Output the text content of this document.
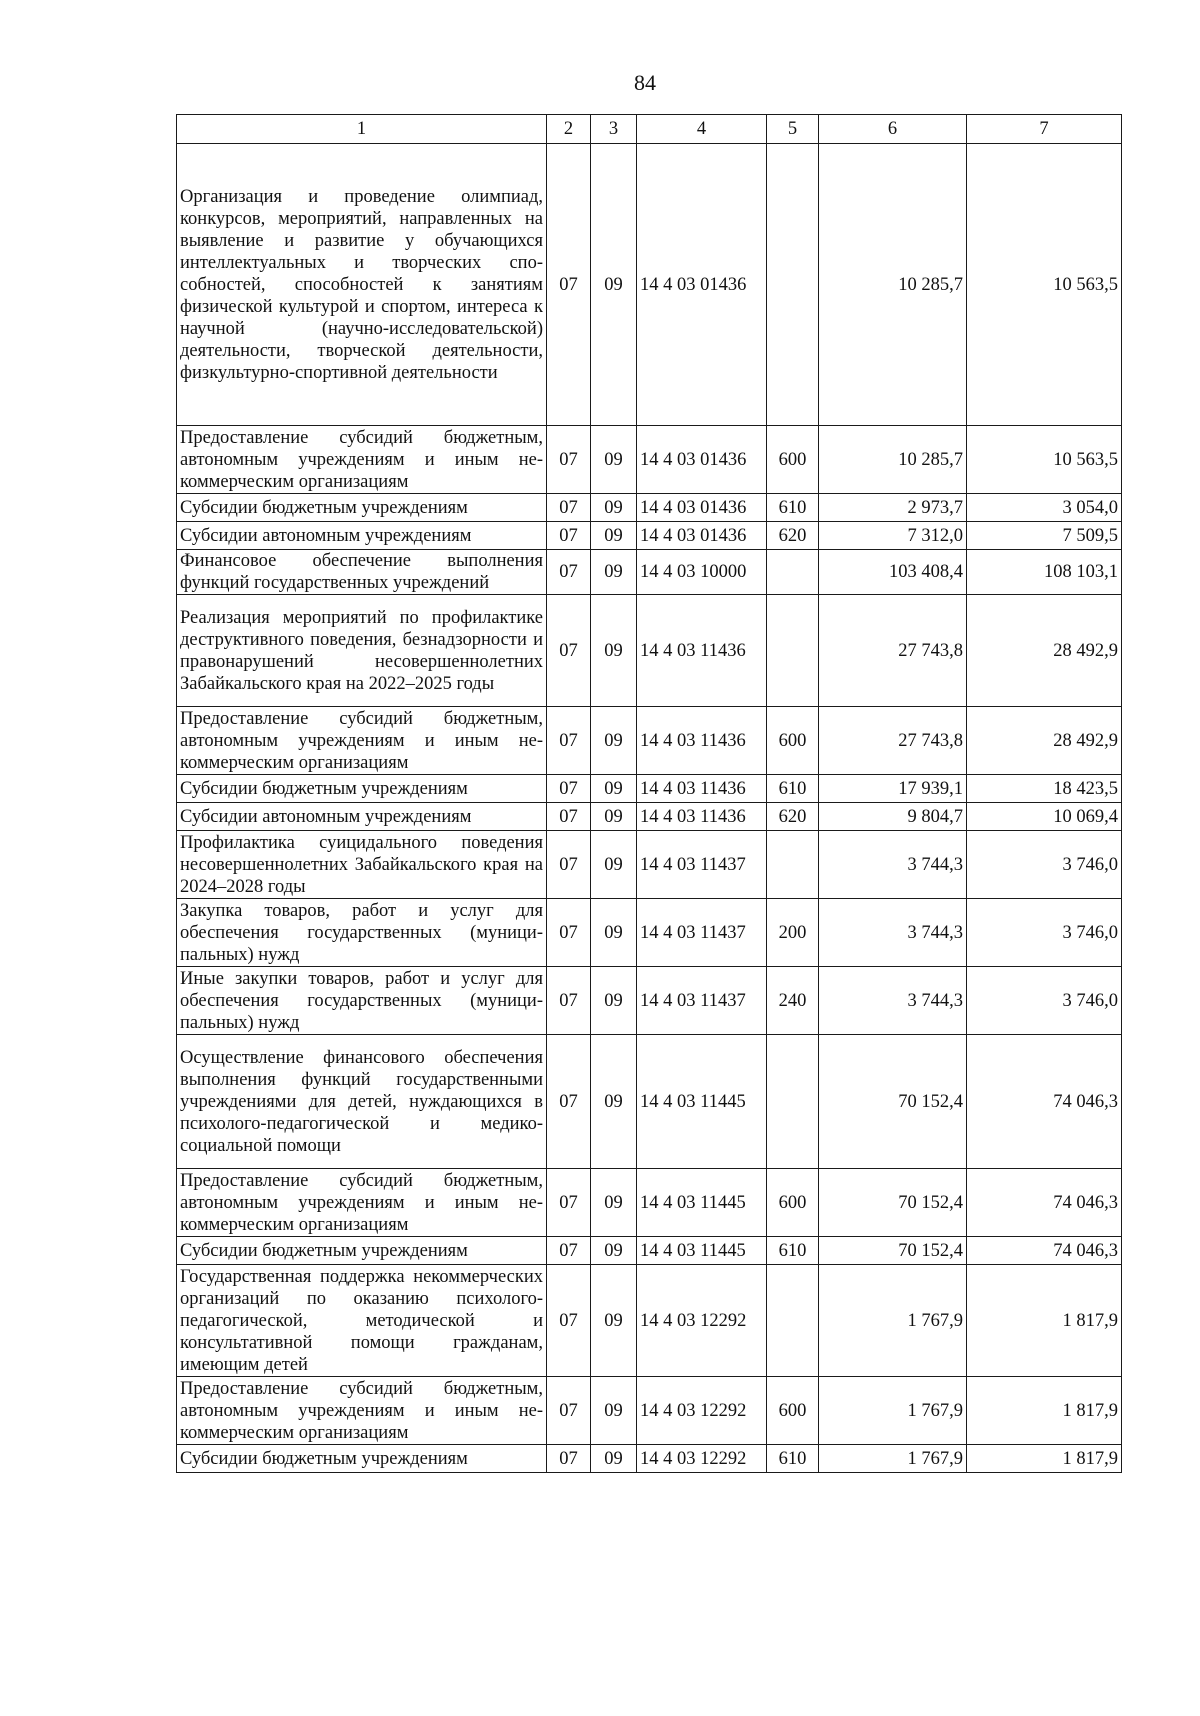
84
1	2	3	4	5	6	7
Организация и проведение олимпиад, конкурсов, мероприятий, направленных на выявление и развитие у обучающихся интеллектуальных и творческих способностей, способностей к занятиям физической культурой и спортом, интереса к научной (научно-исследовательской) деятельности, творческой деятельности, физкультурно-спортивной деятельности	07	09	14 4 03 01436		10 285,7	10 563,5
Предоставление субсидий бюджетным, автономным учреждениям и иным некоммерческим организациям	07	09	14 4 03 01436	600	10 285,7	10 563,5
Субсидии бюджетным учреждениям	07	09	14 4 03 01436	610	2 973,7	3 054,0
Субсидии автономным учреждениям	07	09	14 4 03 01436	620	7 312,0	7 509,5
Финансовое обеспечение выполнения функций государственных учреждений	07	09	14 4 03 10000		103 408,4	108 103,1
Реализация мероприятий по профилактике деструктивного поведения, безнадзорности и правонарушений несовершеннолетних Забайкальского края на 2022–2025 годы	07	09	14 4 03 11436		27 743,8	28 492,9
Предоставление субсидий бюджетным, автономным учреждениям и иным некоммерческим организациям	07	09	14 4 03 11436	600	27 743,8	28 492,9
Субсидии бюджетным учреждениям	07	09	14 4 03 11436	610	17 939,1	18 423,5
Субсидии автономным учреждениям	07	09	14 4 03 11436	620	9 804,7	10 069,4
Профилактика суицидального поведения несовершеннолетних Забайкальского края на 2024–2028 годы	07	09	14 4 03 11437		3 744,3	3 746,0
Закупка товаров, работ и услуг для обеспечения государственных (муниципальных) нужд	07	09	14 4 03 11437	200	3 744,3	3 746,0
Иные закупки товаров, работ и услуг для обеспечения государственных (муниципальных) нужд	07	09	14 4 03 11437	240	3 744,3	3 746,0
Осуществление финансового обеспечения выполнения функций государственными учреждениями для детей, нуждающихся в психолого-педагогической и медико-социальной помощи	07	09	14 4 03 11445		70 152,4	74 046,3
Предоставление субсидий бюджетным, автономным учреждениям и иным некоммерческим организациям	07	09	14 4 03 11445	600	70 152,4	74 046,3
Субсидии бюджетным учреждениям	07	09	14 4 03 11445	610	70 152,4	74 046,3
Государственная поддержка некоммерческих организаций по оказанию психолого-педагогической, методической и консультативной помощи гражданам, имеющим детей	07	09	14 4 03 12292		1 767,9	1 817,9
Предоставление субсидий бюджетным, автономным учреждениям и иным некоммерческим организациям	07	09	14 4 03 12292	600	1 767,9	1 817,9
Субсидии бюджетным учреждениям	07	09	14 4 03 12292	610	1 767,9	1 817,9
